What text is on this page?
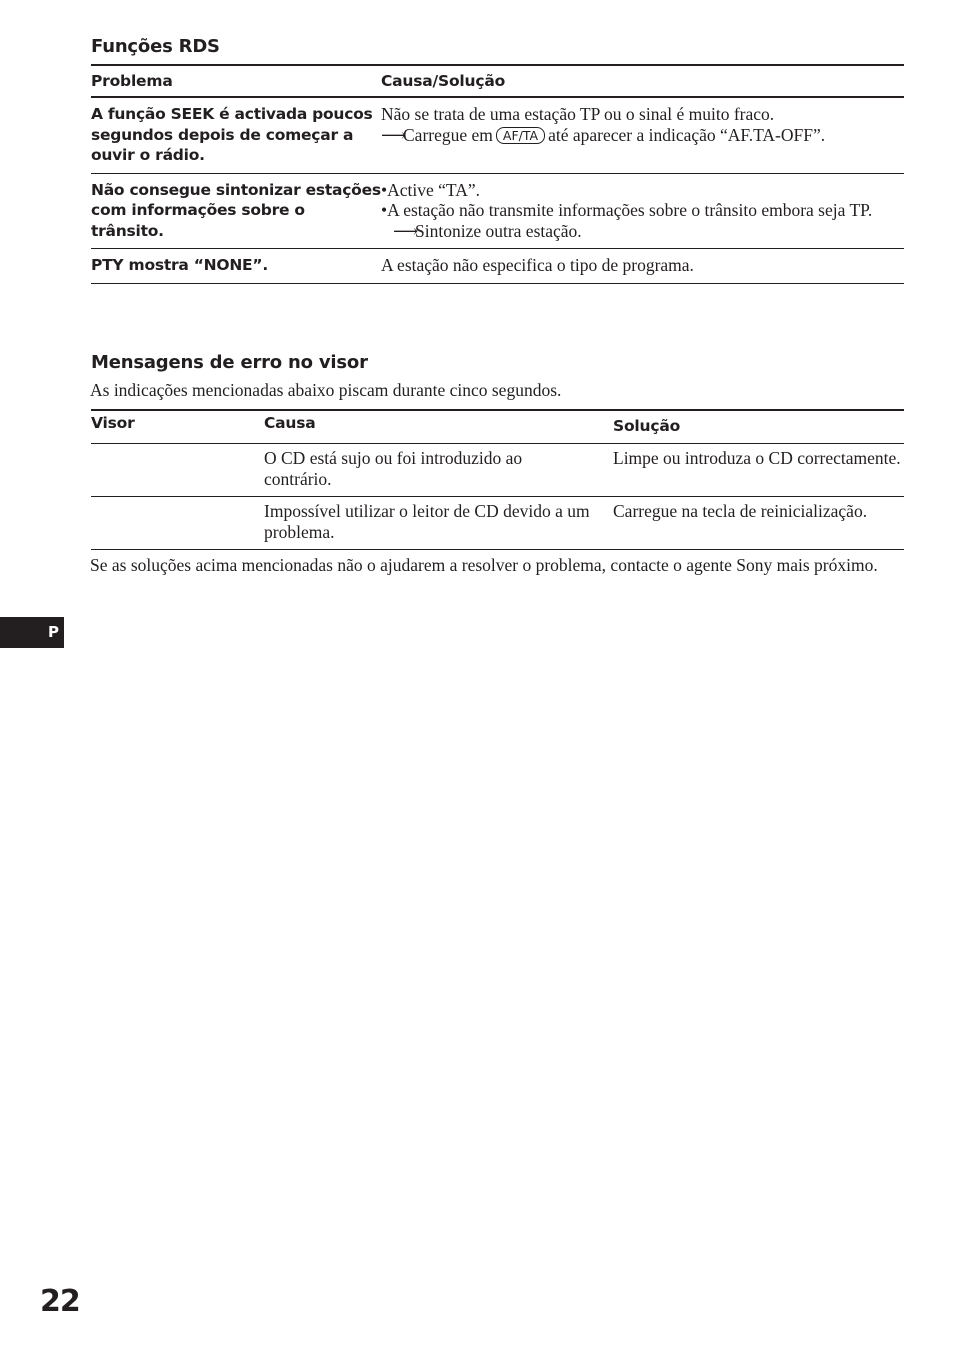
Funções RDS
Problema	Causa/Solução
A função SEEK é activada poucos segundos depois de começar a ouvir o rádio.	Não se trata de uma estação TP ou o sinal é muito fraco.
⟶Carregue em AF/TA até aparecer a indicação “AF.TA-OFF”.

Não consegue sintonizar estações com informações sobre o trânsito.	•Active “TA”.
•A estação não transmite informações sobre o trânsito embora seja TP.
⟶Sintonize outra estação.

PTY mostra “NONE”.	A estação não especifica o tipo de programa.
Mensagens de erro no visor
As indicações mencionadas abaixo piscam durante cinco segundos.
Visor	Causa	Solução
	O CD está sujo ou foi introduzido ao contrário.	Limpe ou introduza o CD correctamente.
	Impossível utilizar o leitor de CD devido a um problema.	Carregue na tecla de reinicialização.
Se as soluções acima mencionadas não o ajudarem a resolver o problema, contacte o agente Sony mais próximo.
P
22
